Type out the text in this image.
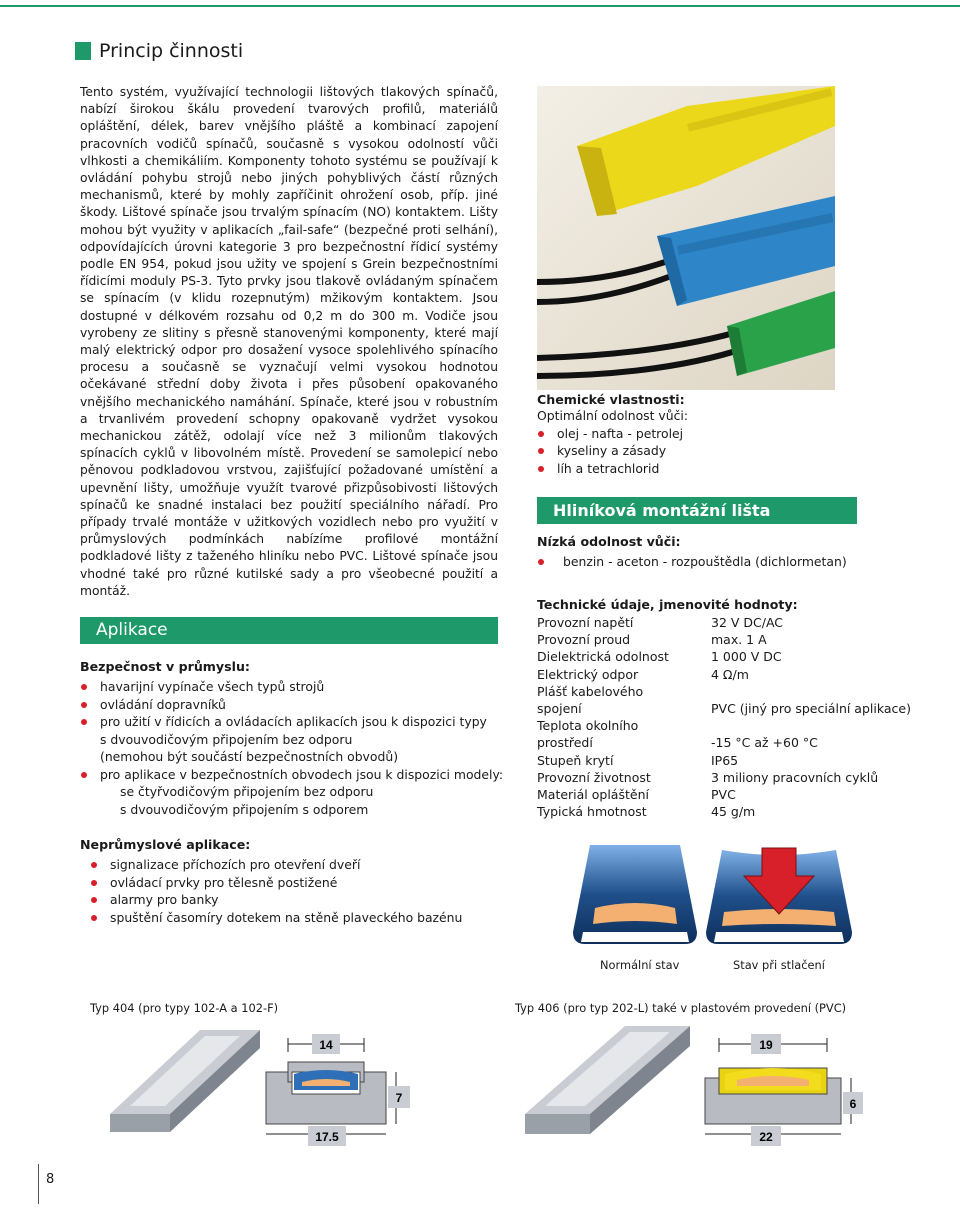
Princip činnosti
Tento systém, využívající technologii lištových tlakových spínačů, nabízí širokou škálu provedení tvarových profilů, materiálů opláštění, délek, barev vnějšího pláště a kombinací zapojení pracovních vodičů spínačů, současně s vysokou odolností vůči vlhkosti a chemikáliím. Komponenty tohoto systému se používají k ovládání pohybu strojů nebo jiných pohyblivých částí různých mechanismů, které by mohly zapříčinit ohrožení osob, příp. jiné škody. Lištové spínače jsou trvalým spínacím (NO) kontaktem. Lišty mohou být využity v aplikacích „fail-safe“ (bezpečné proti selhání), odpovídajících úrovni kategorie 3 pro bezpečnostní řídicí systémy podle EN 954, pokud jsou užity ve spojení s Grein bezpečnostními řídicími moduly PS-3. Tyto prvky jsou tlakově ovládaným spínačem se spínacím (v klidu rozepnutým) mžikovým kontaktem. Jsou dostupné v délkovém rozsahu od 0,2 m do 300 m. Vodiče jsou vyrobeny ze slitiny s přesně stanovenými komponenty, které mají malý elektrický odpor pro dosažení vysoce spolehlivého spínacího procesu a současně se vyznačují velmi vysokou hodnotou očekávané střední doby života i přes působení opakovaného vnějšího mechanického namáhání. Spínače, které jsou v robustním a trvanlivém provedení schopny opakovaně vydržet vysokou mechanickou zátěž, odolají více než 3 milionům tlakových spínacích cyklů v libovolném místě. Provedení se samolepicí nebo pěnovou podkladovou vrstvou, zajišťující požadované umístění a upevnění lišty, umožňuje využít tvarové přizpůsobivosti lištových spínačů ke snadné instalaci bez použití speciálního nářadí. Pro případy trvalé montáže v užitkových vozidlech nebo pro využití v průmyslových podmínkách nabízíme profilové montážní podkladové lišty z taženého hliníku nebo PVC. Lištové spínače jsou vhodné také pro různé kutilské sady a pro všeobecné použití a montáž.
Aplikace
Bezpečnost v průmyslu:
havarijní vypínače všech typů strojů
ovládání dopravníků
pro užití v řídicích a ovládacích aplikacích jsou k dispozici typy
s dvouvodičovým připojením bez odporu
(nemohou být součástí bezpečnostních obvodů)
pro aplikace v bezpečnostních obvodech jsou k dispozici modely:
se čtyřvodičovým připojením bez odporu
s dvouvodičovým připojením s odporem
Neprůmyslové aplikace:
signalizace příchozích pro otevření dveří
ovládací prvky pro tělesně postižené
alarmy pro banky
spuštění časomíry dotekem na stěně plaveckého bazénu
Chemické vlastnosti:
Optimální odolnost vůči:
olej - nafta - petrolej
kyseliny a zásady
líh a tetrachlorid
Hliníková montážní lišta
Nízká odolnost vůči:
benzin - aceton - rozpouštědla (dichlormetan)
Technické údaje, jmenovité hodnoty:
Provozní napětí	32 V DC/AC
Provozní proud	max. 1 A
Dielektrická odolnost	1 000 V DC
Elektrický odpor	4 Ω/m
Plášť kabelového
spojení	PVC (jiný pro speciální aplikace)
Teplota okolního
prostředí	-15 °C až +60 °C
Stupeň krytí	IP65
Provozní životnost	3 miliony pracovních cyklů
Materiál opláštění	PVC
Typická hmotnost	45 g/m
Normální stav	Stav při stlačení
Typ 404 (pro typy 102-A a 102-F)	Typ 406 (pro typ 202-L) také v plastovém provedení (PVC)
14
7
17.5
19
6
22
8
